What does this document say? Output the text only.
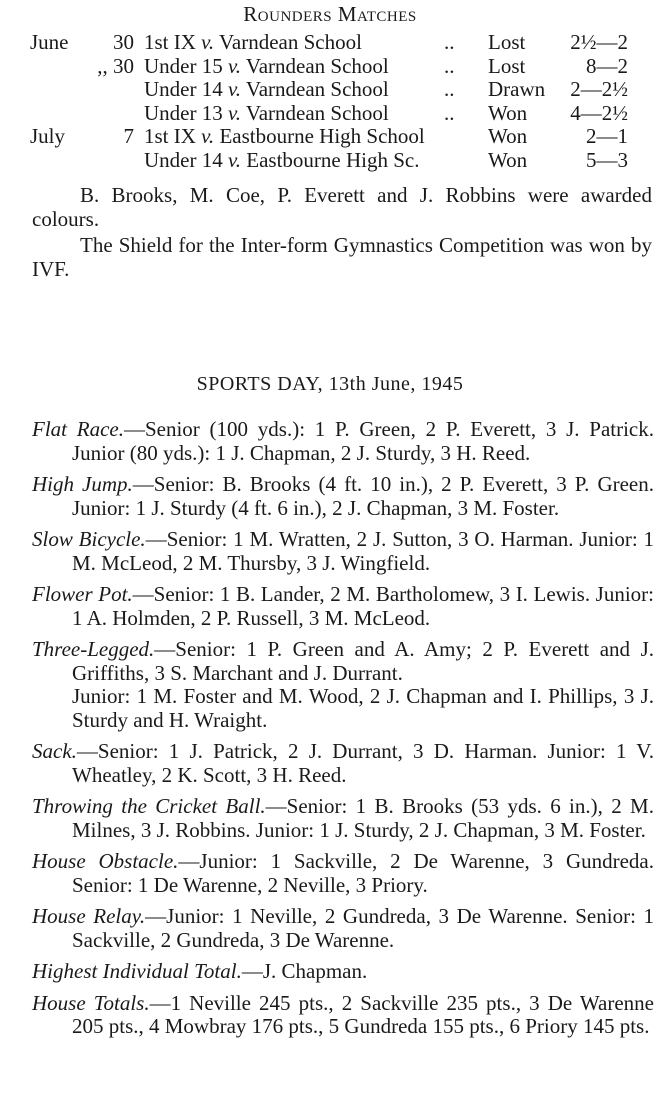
Rounders Matches
June	30	1st IX v. Varndean School	..	Lost	2½—2
	,, 30	Under 15 v. Varndean School	..	Lost	8—2
		Under 14 v. Varndean School	..	Drawn	2—2½
		Under 13 v. Varndean School	..	Won	4—2½
July	7	1st IX v. Eastbourne High School		Won	2—1
		Under 14 v. Eastbourne High Sc.		Won	5—3

B. Brooks, M. Coe, P. Everett and J. Robbins were awarded colours.

The Shield for the Inter-form Gymnastics Competition was won by IVF.

SPORTS DAY, 13th June, 1945

Flat Race.—Senior (100 yds.): 1 P. Green, 2 P. Everett, 3 J. Patrick. Junior (80 yds.): 1 J. Chapman, 2 J. Sturdy, 3 H. Reed.

High Jump.—Senior: B. Brooks (4 ft. 10 in.), 2 P. Everett, 3 P. Green. Junior: 1 J. Sturdy (4 ft. 6 in.), 2 J. Chapman, 3 M. Foster.

Slow Bicycle.—Senior: 1 M. Wratten, 2 J. Sutton, 3 O. Harman. Junior: 1 M. McLeod, 2 M. Thursby, 3 J. Wingfield.

Flower Pot.—Senior: 1 B. Lander, 2 M. Bartholomew, 3 I. Lewis. Junior: 1 A. Holmden, 2 P. Russell, 3 M. McLeod.

Three-Legged.—Senior: 1 P. Green and A. Amy; 2 P. Everett and J. Griffiths, 3 S. Marchant and J. Durrant.
Junior: 1 M. Foster and M. Wood, 2 J. Chapman and I. Phillips, 3 J. Sturdy and H. Wraight.

Sack.—Senior: 1 J. Patrick, 2 J. Durrant, 3 D. Harman. Junior: 1 V. Wheatley, 2 K. Scott, 3 H. Reed.

Throwing the Cricket Ball.—Senior: 1 B. Brooks (53 yds. 6 in.), 2 M. Milnes, 3 J. Robbins. Junior: 1 J. Sturdy, 2 J. Chapman, 3 M. Foster.

House Obstacle.—Junior: 1 Sackville, 2 De Warenne, 3 Gundreda. Senior: 1 De Warenne, 2 Neville, 3 Priory.

House Relay.—Junior: 1 Neville, 2 Gundreda, 3 De Warenne. Senior: 1 Sackville, 2 Gundreda, 3 De Warenne.

Highest Individual Total.—J. Chapman.

House Totals.—1 Neville 245 pts., 2 Sackville 235 pts., 3 De Warenne 205 pts., 4 Mowbray 176 pts., 5 Gundreda 155 pts., 6 Priory 145 pts.
